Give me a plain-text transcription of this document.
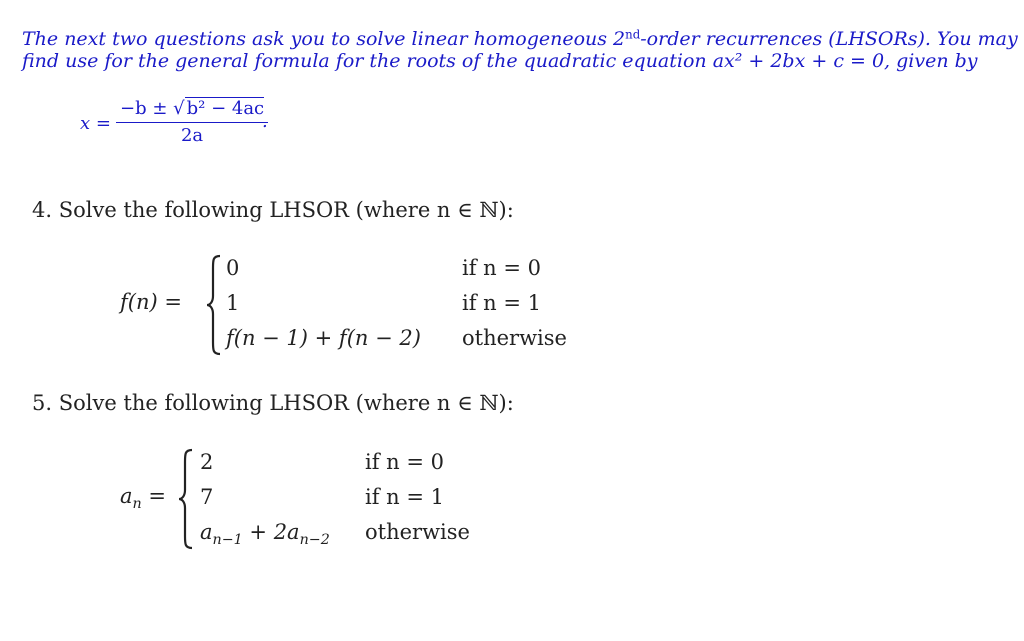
The next two questions ask you to solve linear homogeneous 2nd-order recurrences (LHSORs). You may
find use for the general formula for the roots of the quadratic equation ax² + 2bx + c = 0, given by
$x = \frac{\text{−b ± √ b² − 4ac}}{2a}$
.
4. Solve the following LHSOR (where n ∈ ℕ):
f(n) =
0	if n = 0
1	if n = 1
f(n − 1) + f(n − 2) otherwise
5. Solve the following LHSOR (where n ∈ ℕ):
$a_n$ =
2	if n = 0
7	if n = 1
$a_{n-1} + 2a_{n-2}$ otherwise
